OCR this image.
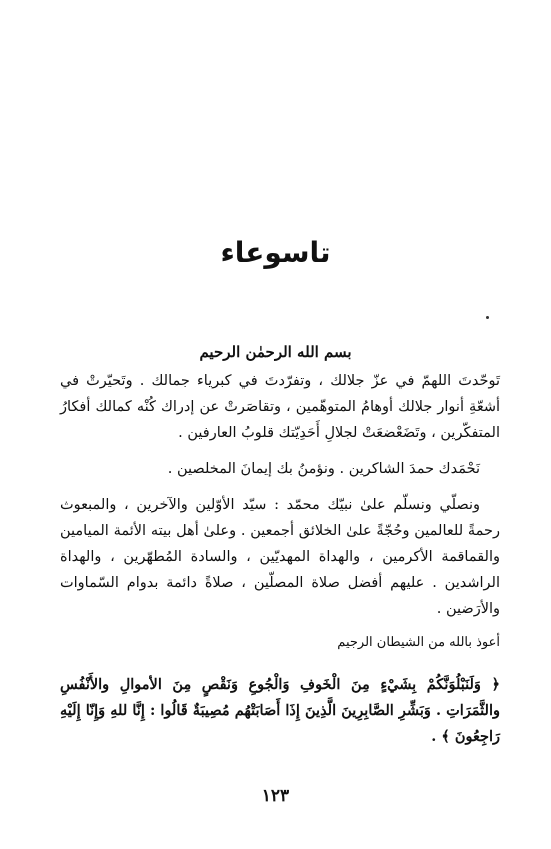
تاسوعاء
بسم الله الرحمٰن الرحيم
تَوحّدتَ اللهمّ في عزّ جلالك ، وتفرّدتَ في كبرياء جمالك . وتَحيّرتْ في أشعّةِ أنوار جلالك أوهامُ المتوهّمين ، وتقاصَرتْ عن إدراك كُنْه كمالك أفكارُ المتفكّرين ، وتَضَعْضعَتْ لجلالِ أَحَدِيّتك قلوبُ العارفين .
نَحْمَدك حمدَ الشاكرين . ونؤمنُ بك إيمانَ المخلصين .
ونصلّي ونسلّم علىٰ نبيّك محمّد : سيّد الأوّلين والآخرين ، والمبعوث رحمةً للعالمين وحُجّةً علىٰ الخلائق أجمعين . وعلىٰ أهل بيته الأئمة الميامين والقماقمة الأكرمين ، والهداة المهديّين ، والسادة المُطهّرين ، والهداة الراشدين . عليهم أفضل صلاة المصلّين ، صلاةً دائمة بدوام السّماوات والأرَضين .
أعوذ بالله من الشيطان الرجيم
﴿ وَلَنَبْلُوَنَّكُمْ بِشَيْءٍ مِنَ الْخَوفِ وَالْجُوعِ وَنَقْصٍ مِنَ الأموالِ والأَنْفُسِ والثَّمَرَاتِ . وَبَشِّرِ الصَّابِرِينَ الَّذِينَ إِذَا أَصَابَتْهُم مُصِيبَةٌ قَالُوا : إِنَّا للهِ وَإِنّا إِلَيْهِ رَاجِعُونَ ﴾ .
١٢٣
